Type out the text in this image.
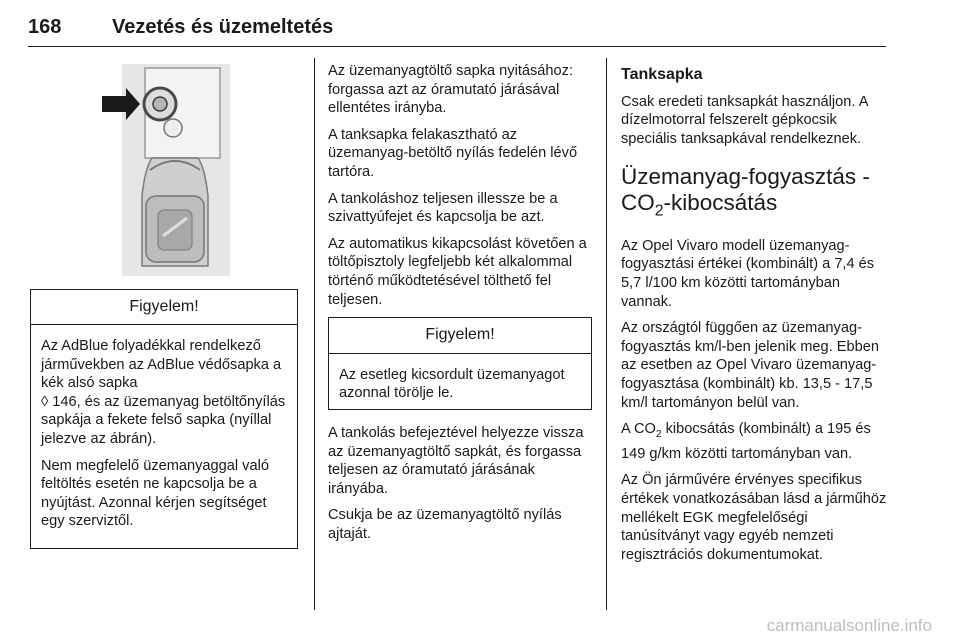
168	Vezetés és üzemeltetés
Figyelem!

Az AdBlue folyadékkal rendelkező járművekben az AdBlue védősapka a kék alsó sapka
◊ 146, és az üzemanyag betöltőnyílás sapkája a fekete felső sapka (nyíllal jelezve az ábrán).

Nem megfelelő üzemanyaggal való feltöltés esetén ne kapcsolja be a nyújtást. Azonnal kérjen segítséget egy szerviztől.

Az üzemanyagtöltő sapka nyitásához: forgassa azt az óramutató járásával ellentétes irányba.

A tanksapka felakasztható az üzemanyag-betöltő nyílás fedelén lévő tartóra.

A tankoláshoz teljesen illessze be a szivattyúfejet és kapcsolja be azt.

Az automatikus kikapcsolást követően a töltőpisztoly legfeljebb két alkalommal történő működtetésével tölthető fel teljesen.

Figyelem!
Az esetleg kicsordult üzemanyagot azonnal törölje le.

A tankolás befejeztével helyezze vissza az üzemanyagtöltő sapkát, és forgassa teljesen az óramutató járásának irányába.

Csukja be az üzemanyagtöltő nyílás ajtaját.

Tanksapka

Csak eredeti tanksapkát használjon. A dízelmotorral felszerelt gépkocsik speciális tanksapkával rendelkeznek.

Üzemanyag-fogyasztás - $CO_2$-kibocsátás

Az Opel Vivaro modell üzemanyag-fogyasztási értékei (kombinált) a 7,4 és 5,7 l/100 km közötti tartományban vannak.

Az országtól függően az üzemanyag-fogyasztás km/l-ben jelenik meg. Ebben az esetben az Opel Vivaro üzemanyag-fogyasztása (kombinált) kb. 13,5 - 17,5 km/l tartományon belül van.

A $CO_2$ kibocsátás (kombinált) a 195 és 149 g/km közötti tartományban van.

Az Ön járművére érvényes specifikus értékek vonatkozásában lásd a járműhöz mellékelt EGK megfelelőségi tanúsítványt vagy egyéb nemzeti regisztrációs dokumentumokat.

carmanualsonline.info
